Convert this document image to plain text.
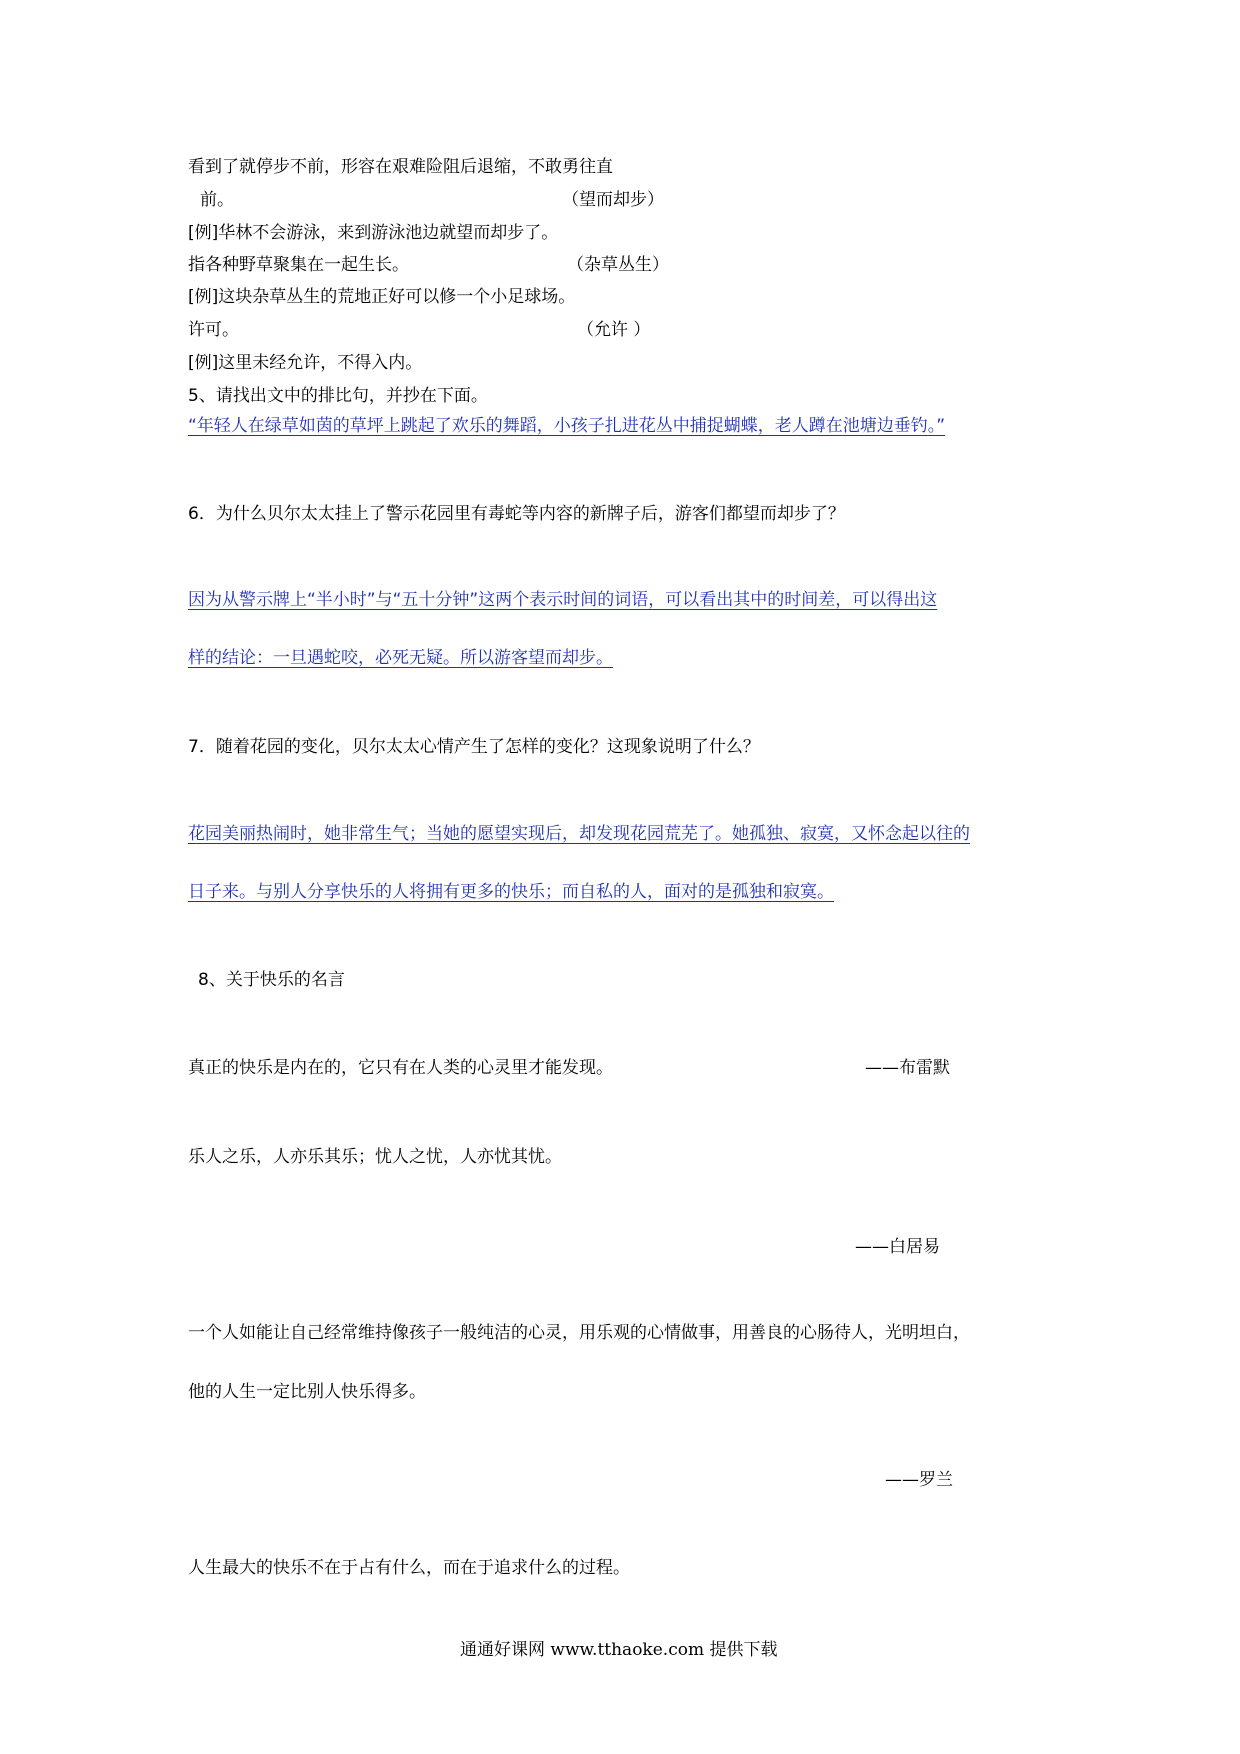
看到了就停步不前，形容在艰难险阻后退缩，不敢勇往直
前。	（望而却步）
[例]华林不会游泳，来到游泳池边就望而却步了。
指各种野草聚集在一起生长。	（杂草丛生）
[例]这块杂草丛生的荒地正好可以修一个小足球场。
许可。	（允许 ）
[例]这里未经允许，不得入内。
5、请找出文中的排比句，并抄在下面。
“年轻人在绿草如茵的草坪上跳起了欢乐的舞蹈，小孩子扎进花丛中捕捉蝴蝶，老人蹲在池塘边垂钓。”
6．为什么贝尔太太挂上了警示花园里有毒蛇等内容的新牌子后，游客们都望而却步了？
因为从警示牌上“半小时”与“五十分钟”这两个表示时间的词语，可以看出其中的时间差，可以得出这
样的结论：一旦遇蛇咬，必死无疑。所以游客望而却步。
7．随着花园的变化，贝尔太太心情产生了怎样的变化？这现象说明了什么？
花园美丽热闹时，她非常生气；当她的愿望实现后，却发现花园荒芜了。她孤独、寂寞，又怀念起以往的
日子来。与别人分享快乐的人将拥有更多的快乐；而自私的人，面对的是孤独和寂寞。
8、关于快乐的名言
真正的快乐是内在的，它只有在人类的心灵里才能发现。	——布雷默
乐人之乐，人亦乐其乐；忧人之忧，人亦忧其忧。
——白居易
一个人如能让自己经常维持像孩子一般纯洁的心灵，用乐观的心情做事，用善良的心肠待人，光明坦白，
他的人生一定比别人快乐得多。
——罗兰
人生最大的快乐不在于占有什么，而在于追求什么的过程。
通通好课网 www.tthaoke.com 提供下载
